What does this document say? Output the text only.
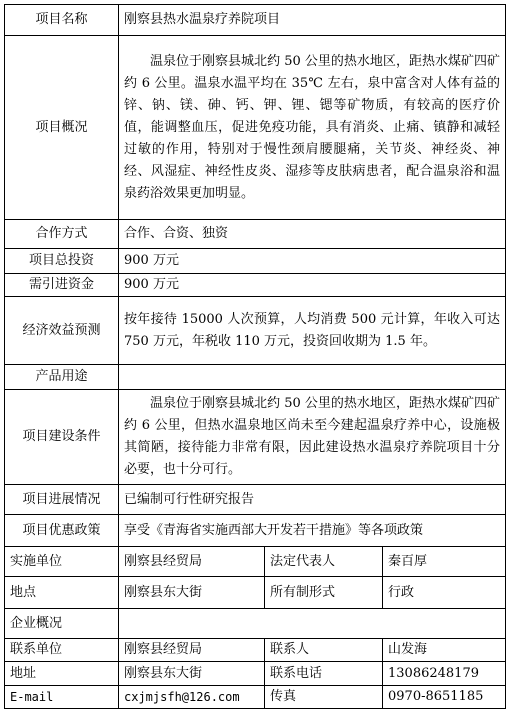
项目名称	刚察县热水温泉疗养院项目		
项目概况	温泉位于刚察县城北约 50 公里的热水地区，距热水煤矿四矿约 6 公里。温泉水温平均在 35℃ 左右，泉中富含对人体有益的锌、钠、镁、砷、钙、钾、锂、锶等矿物质，有较高的医疗价值，能调整血压，促进免疫功能，具有消炎、止痛、镇静和减轻过敏的作用，特别对于慢性颈肩腰腿痛，关节炎、神经炎、神经、风湿症、神经性皮炎、湿疹等皮肤病患者，配合温泉浴和温泉药浴效果更加明显。		

合作方式	合作、合资、独资		
项目总投资	900 万元		
需引进资金	900 万元		
经济效益预测	按年接待 15000 人次预算，人均消费 500 元计算，年收入可达 750 万元，年税收 110 万元，投资回收期为 1.5 年。		
产品用途			
项目建设条件	温泉位于刚察县城北约 50 公里的热水地区，距热水煤矿四矿约 6 公里，但热水温泉地区尚未至今建起温泉疗养中心，设施极其简陋，接待能力非常有限，因此建设热水温泉疗养院项目十分必要，也十分可行。		

项目进展情况	已编制可行性研究报告		
项目优惠政策	享受《青海省实施西部大开发若干措施》等各项政策		
实施单位	刚察县经贸局	法定代表人	秦百厚
地点	刚察县东大街	所有制形式	行政
企业概况			
联系单位	刚察县经贸局	联系人	山发海
地址	刚察县东大街	联系电话	13086248179
E-mail	cxjmjsfh@126.com	传真	0970-8651185
